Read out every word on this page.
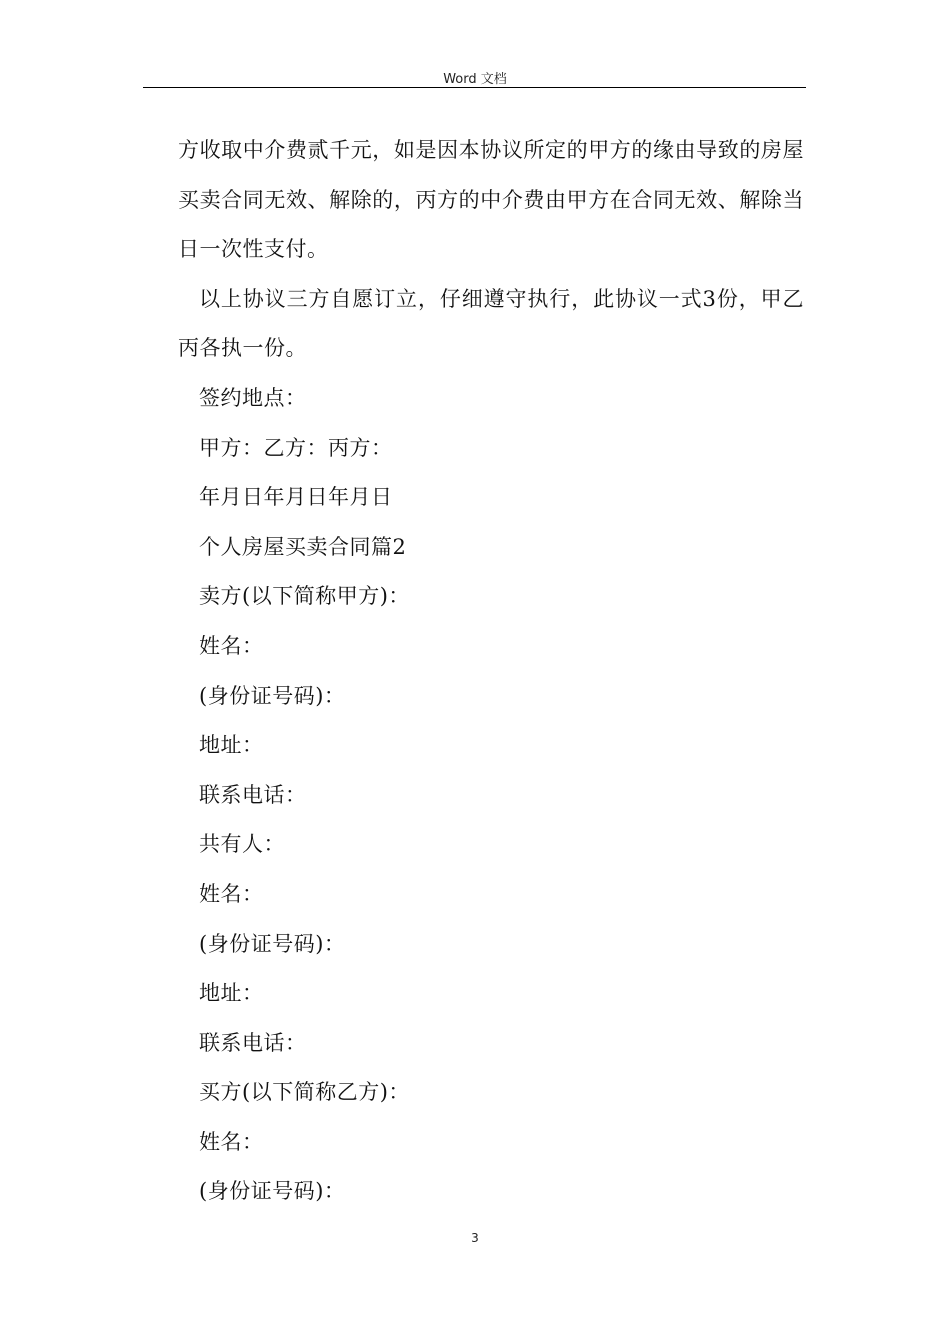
Word 文档

方收取中介费贰千元，如是因本协议所定的甲方的缘由导致的房屋买卖合同无效、解除的，丙方的中介费由甲方在合同无效、解除当日一次性支付。

以上协议三方自愿订立，仔细遵守执行，此协议一式3份，甲乙丙各执一份。

签约地点：

甲方：乙方：丙方：

年月日年月日年月日

个人房屋买卖合同篇2

卖方(以下简称甲方)：

姓名：

(身份证号码)：

地址：

联系电话：

共有人：

姓名：

(身份证号码)：

地址：

联系电话：

买方(以下简称乙方)：

姓名：

(身份证号码)：

3
